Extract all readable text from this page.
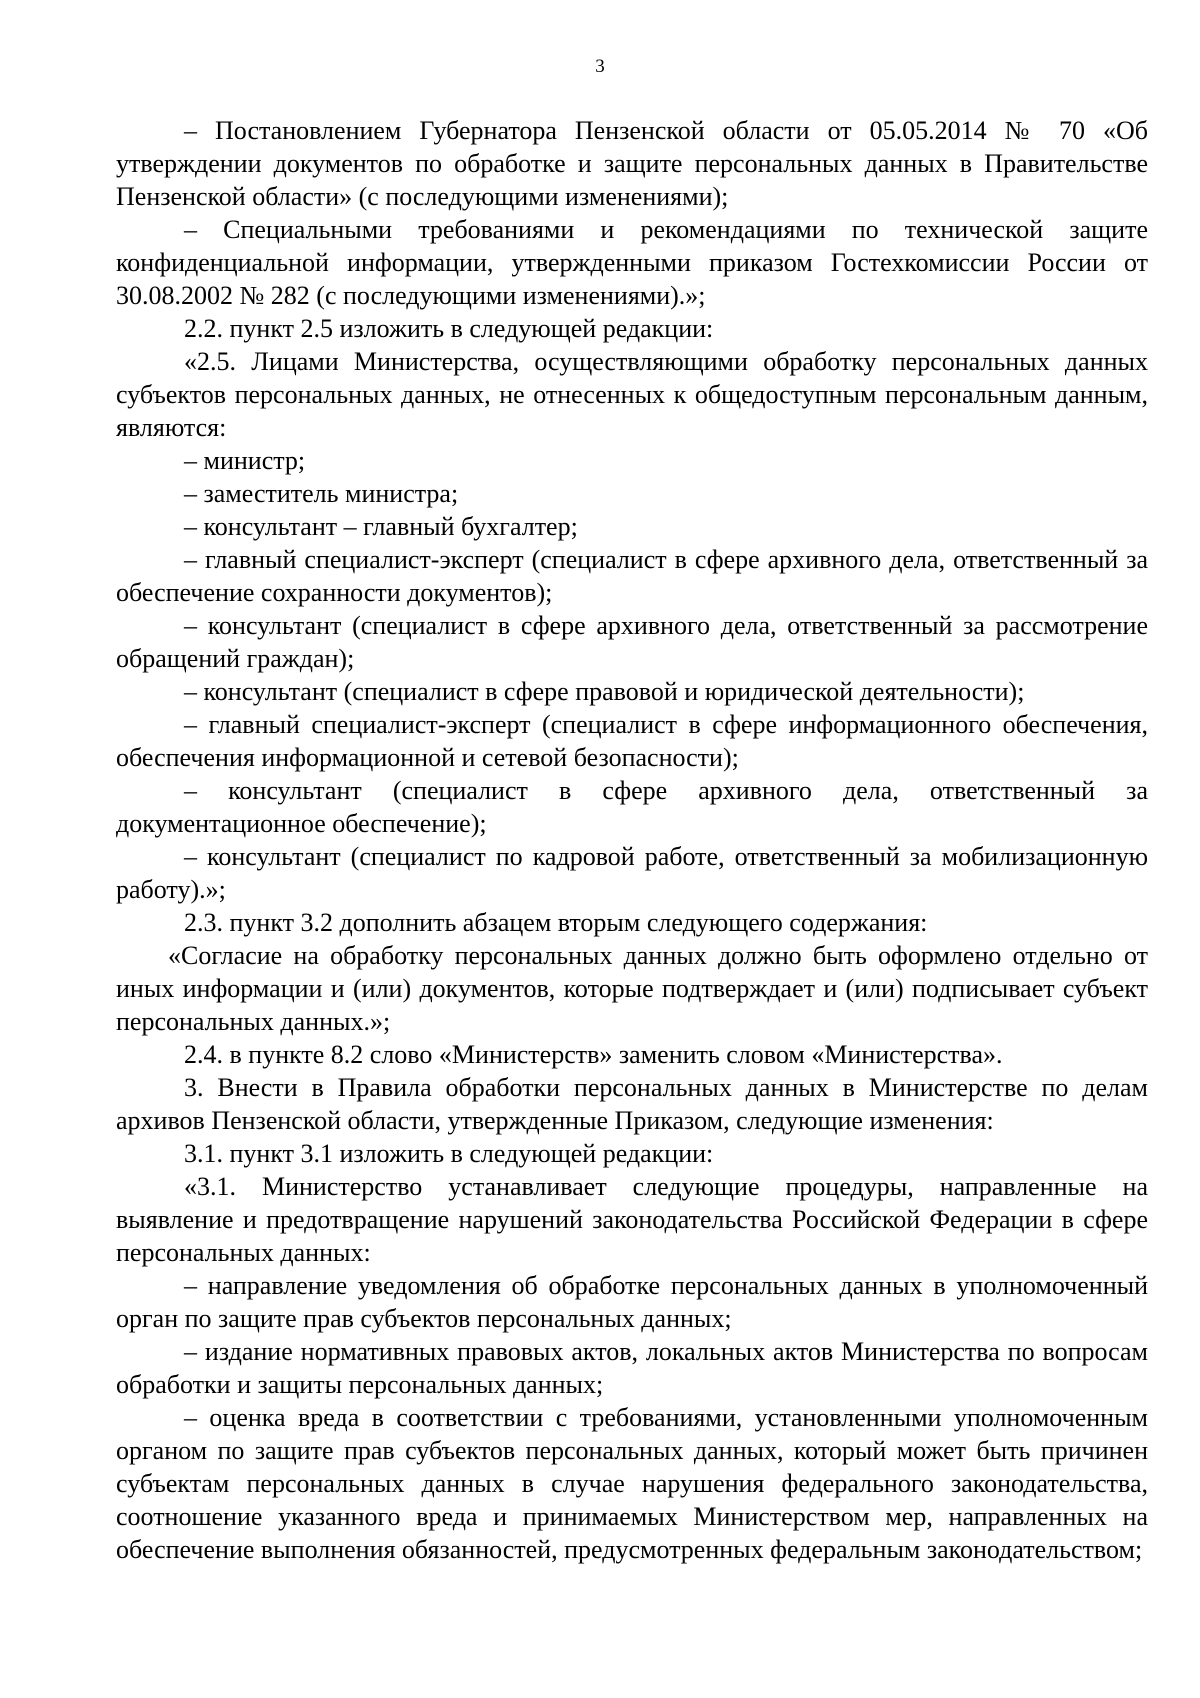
3

– Постановлением Губернатора Пензенской области от 05.05.2014 № 70 «Об утверждении документов по обработке и защите персональных данных в Правительстве Пензенской области» (с последующими изменениями);

– Специальными требованиями и рекомендациями по технической защите конфиденциальной информации, утвержденными приказом Гостехкомиссии России от 30.08.2002 № 282 (с последующими изменениями).»;

2.2. пункт 2.5 изложить в следующей редакции:

«2.5. Лицами Министерства, осуществляющими обработку персональных данных субъектов персональных данных, не отнесенных к общедоступным персональным данным, являются:

– министр;

– заместитель министра;

– консультант – главный бухгалтер;

– главный специалист-эксперт (специалист в сфере архивного дела, ответственный за обеспечение сохранности документов);

– консультант (специалист в сфере архивного дела, ответственный за рассмотрение обращений граждан);

– консультант (специалист в сфере правовой и юридической деятельности);

– главный специалист-эксперт (специалист в сфере информационного обеспечения, обеспечения информационной и сетевой безопасности);

– консультант (специалист в сфере архивного дела, ответственный за документационное обеспечение);

– консультант (специалист по кадровой работе, ответственный за мобилизационную работу).»;

2.3. пункт 3.2 дополнить абзацем вторым следующего содержания:

«Согласие на обработку персональных данных должно быть оформлено отдельно от иных информации и (или) документов, которые подтверждает и (или) подписывает субъект персональных данных.»;

2.4. в пункте 8.2 слово «Министерств» заменить словом «Министерства».

3. Внести в Правила обработки персональных данных в Министерстве по делам архивов Пензенской области, утвержденные Приказом, следующие изменения:

3.1. пункт 3.1 изложить в следующей редакции:

«3.1. Министерство устанавливает следующие процедуры, направленные на выявление и предотвращение нарушений законодательства Российской Федерации в сфере персональных данных:

– направление уведомления об обработке персональных данных в уполномоченный орган по защите прав субъектов персональных данных;

– издание нормативных правовых актов, локальных актов Министерства по вопросам обработки и защиты персональных данных;

– оценка вреда в соответствии с требованиями, установленными уполномоченным органом по защите прав субъектов персональных данных, который может быть причинен субъектам персональных данных в случае нарушения федерального законодательства, соотношение указанного вреда и принимаемых Министерством мер, направленных на обеспечение выполнения обязанностей, предусмотренных федеральным законодательством;
